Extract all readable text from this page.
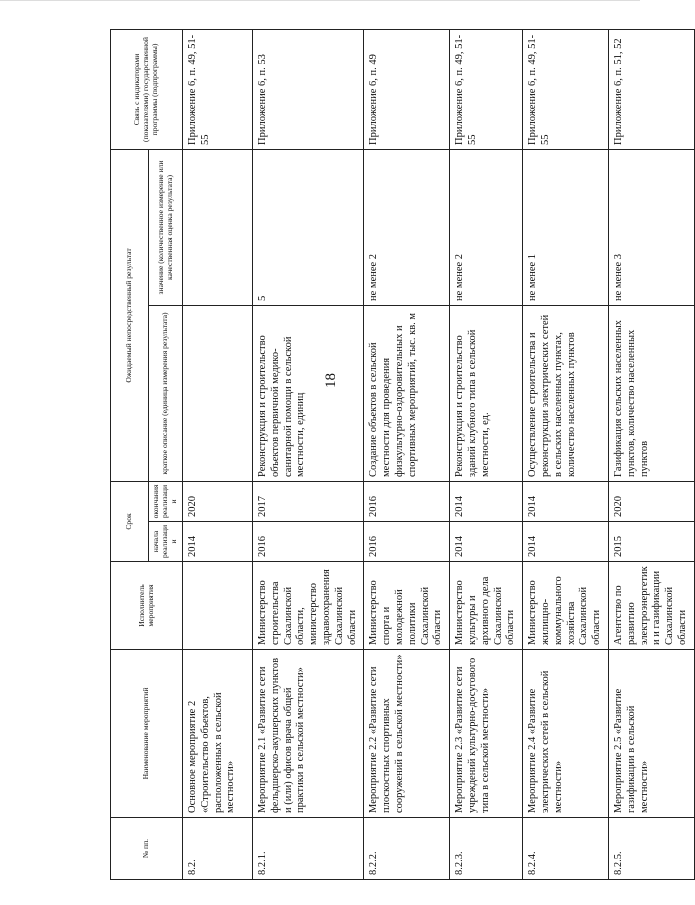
18
№ пп.	Наименование мероприятий	Исполнитель мероприятия	Срок		Ожидаемый непосредственный результат		Связь с индикаторами (показателями) государственной программы (подпрограммы)
			начала реализации	окончания реализации	краткое описание (единица измерения результата)	значение (количественное измерение или качественная оценка результата)	
8.2.	Основное мероприятие 2 «Строительство объектов, расположенных в сельской местности»		2014	2020			Приложение 6, п. 49, 51-55
8.2.1.	Мероприятие 2.1 «Развитие сети фельдшерско-акушерских пунктов и (или) офисов врача общей практики в сельской местности»	Министерство строительства Сахалинской области, министерство здравоохранения Сахалинской области	2016	2017	Реконструкция и строительство объектов первичной медико-санитарной помощи в сельской местности, единиц	5	Приложение 6, п. 53
8.2.2.	Мероприятие 2.2 «Развитие сети плоскостных спортивных сооружений в сельской местности»	Министерство спорта и молодежной политики Сахалинской области	2016	2016	Создание объектов в сельской местности для проведения физкультурно-оздоровительных и спортивных мероприятий, тыс. кв. м	не менее 2	Приложение 6, п. 49
8.2.3.	Мероприятие 2.3 «Развитие сети учреждений культурно-досугового типа в сельской местности»	Министерство культуры и архивного дела Сахалинской области	2014	2014	Реконструкция и строительство зданий клубного типа в сельской местности, ед.	не менее 2	Приложение 6, п. 49, 51-55
8.2.4.	Мероприятие 2.4 «Развитие электрических сетей в сельской местности»	Министерство жилищно-коммунального хозяйства Сахалинской области	2014	2014	Осуществление строительства и реконструкции электрических сетей в сельских населенных пунктах, количество населенных пунктов	не менее 1	Приложение 6, п. 49, 51-55
8.2.5.	Мероприятие 2.5 «Развитие газификации в сельской местности»	Агентство по развитию электроэнергетики и газификации Сахалинской области	2015	2020	Газификация сельских населенных пунктов, количество населенных пунктов	не менее 3	Приложение 6, п. 51, 52
